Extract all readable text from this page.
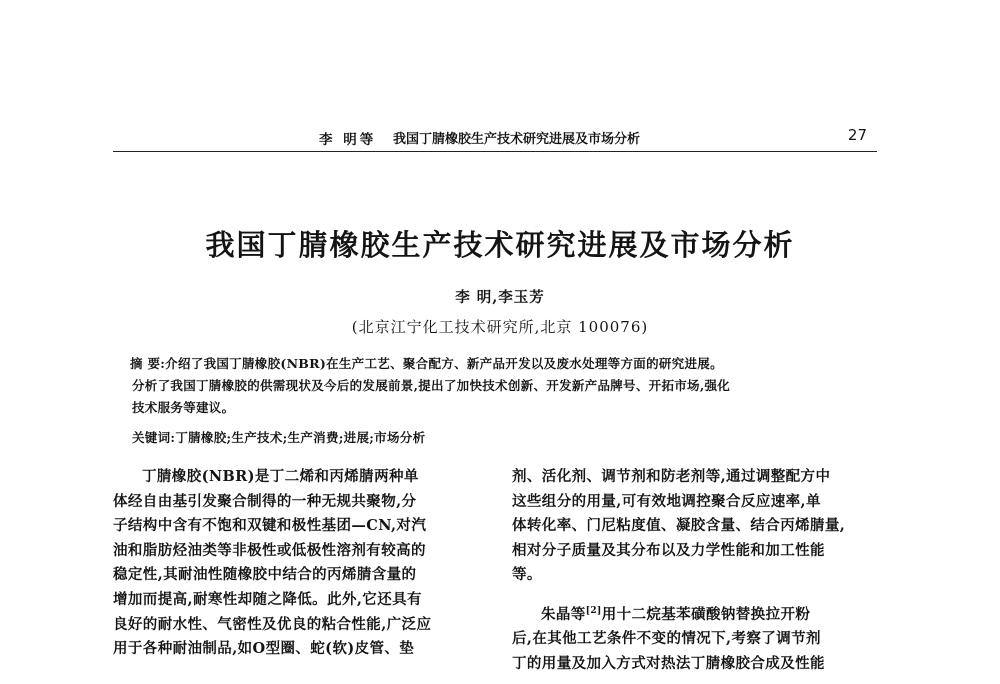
李 明等 我国丁腈橡胶生产技术研究进展及市场分析	27
我国丁腈橡胶生产技术研究进展及市场分析
李 明,李玉芳
(北京江宁化工技术研究所,北京 100076)

摘 要:介绍了我国丁腈橡胶(NBR)在生产工艺、聚合配方、新产品开发以及废水处理等方面的研究进展。

分析了我国丁腈橡胶的供需现状及今后的发展前景,提出了加快技术创新、开发新产品牌号、开拓市场,强化

技术服务等建议。

关键词:丁腈橡胶;生产技术;生产消费;进展;市场分析

丁腈橡胶(NBR)是丁二烯和丙烯腈两种单

体经自由基引发聚合制得的一种无规共聚物,分

子结构中含有不饱和双键和极性基团—CN,对汽

油和脂肪烃油类等非极性或低极性溶剂有较高的

稳定性,其耐油性随橡胶中结合的丙烯腈含量的

增加而提高,耐寒性却随之降低。此外,它还具有

良好的耐水性、气密性及优良的粘合性能,广泛应

用于各种耐油制品,如O型圈、蛇(软)皮管、垫

剂、活化剂、调节剂和防老剂等,通过调整配方中

这些组分的用量,可有效地调控聚合反应速率,单

体转化率、门尼粘度值、凝胶含量、结合丙烯腈量,

相对分子质量及其分布以及力学性能和加工性能

等。

朱晶等[2]用十二烷基苯磺酸钠替换拉开粉

后,在其他工艺条件不变的情况下,考察了调节剂

丁的用量及加入方式对热法丁腈橡胶合成及性能
